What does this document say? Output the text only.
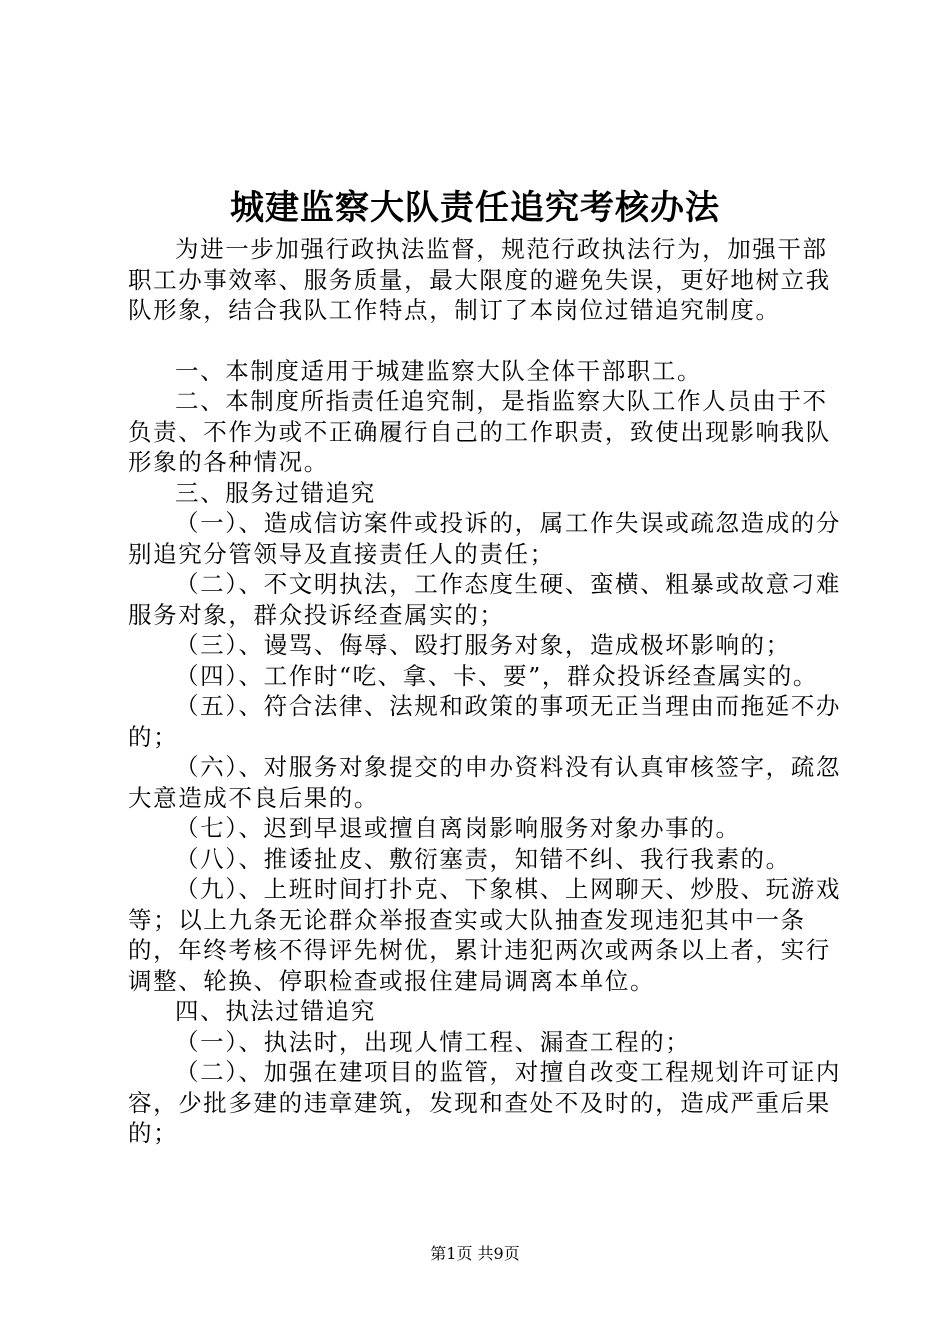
城建监察大队责任追究考核办法

为进一步加强行政执法监督，规范行政执法行为，加强干部职工办事效率、服务质量，最大限度的避免失误，更好地树立我队形象，结合我队工作特点，制订了本岗位过错追究制度。

一、本制度适用于城建监察大队全体干部职工。

二、本制度所指责任追究制，是指监察大队工作人员由于不负责、不作为或不正确履行自己的工作职责，致使出现影响我队形象的各种情况。

三、服务过错追究

（一）、造成信访案件或投诉的，属工作失误或疏忽造成的分别追究分管领导及直接责任人的责任；

（二）、不文明执法，工作态度生硬、蛮横、粗暴或故意刁难服务对象，群众投诉经查属实的；

（三）、谩骂、侮辱、殴打服务对象，造成极坏影响的；

（四）、工作时“吃、拿、卡、要”，群众投诉经查属实的。

（五）、符合法律、法规和政策的事项无正当理由而拖延不办的；

（六）、对服务对象提交的申办资料没有认真审核签字，疏忽大意造成不良后果的。

（七）、迟到早退或擅自离岗影响服务对象办事的。

（八）、推诿扯皮、敷衍塞责，知错不纠、我行我素的。

（九）、上班时间打扑克、下象棋、上网聊天、炒股、玩游戏等；以上九条无论群众举报查实或大队抽查发现违犯其中一条的，年终考核不得评先树优，累计违犯两次或两条以上者，实行调整、轮换、停职检查或报住建局调离本单位。

四、执法过错追究

（一）、执法时，出现人情工程、漏查工程的；

（二）、加强在建项目的监管，对擅自改变工程规划许可证内容，少批多建的违章建筑，发现和查处不及时的，造成严重后果的；

第1页 共9页
